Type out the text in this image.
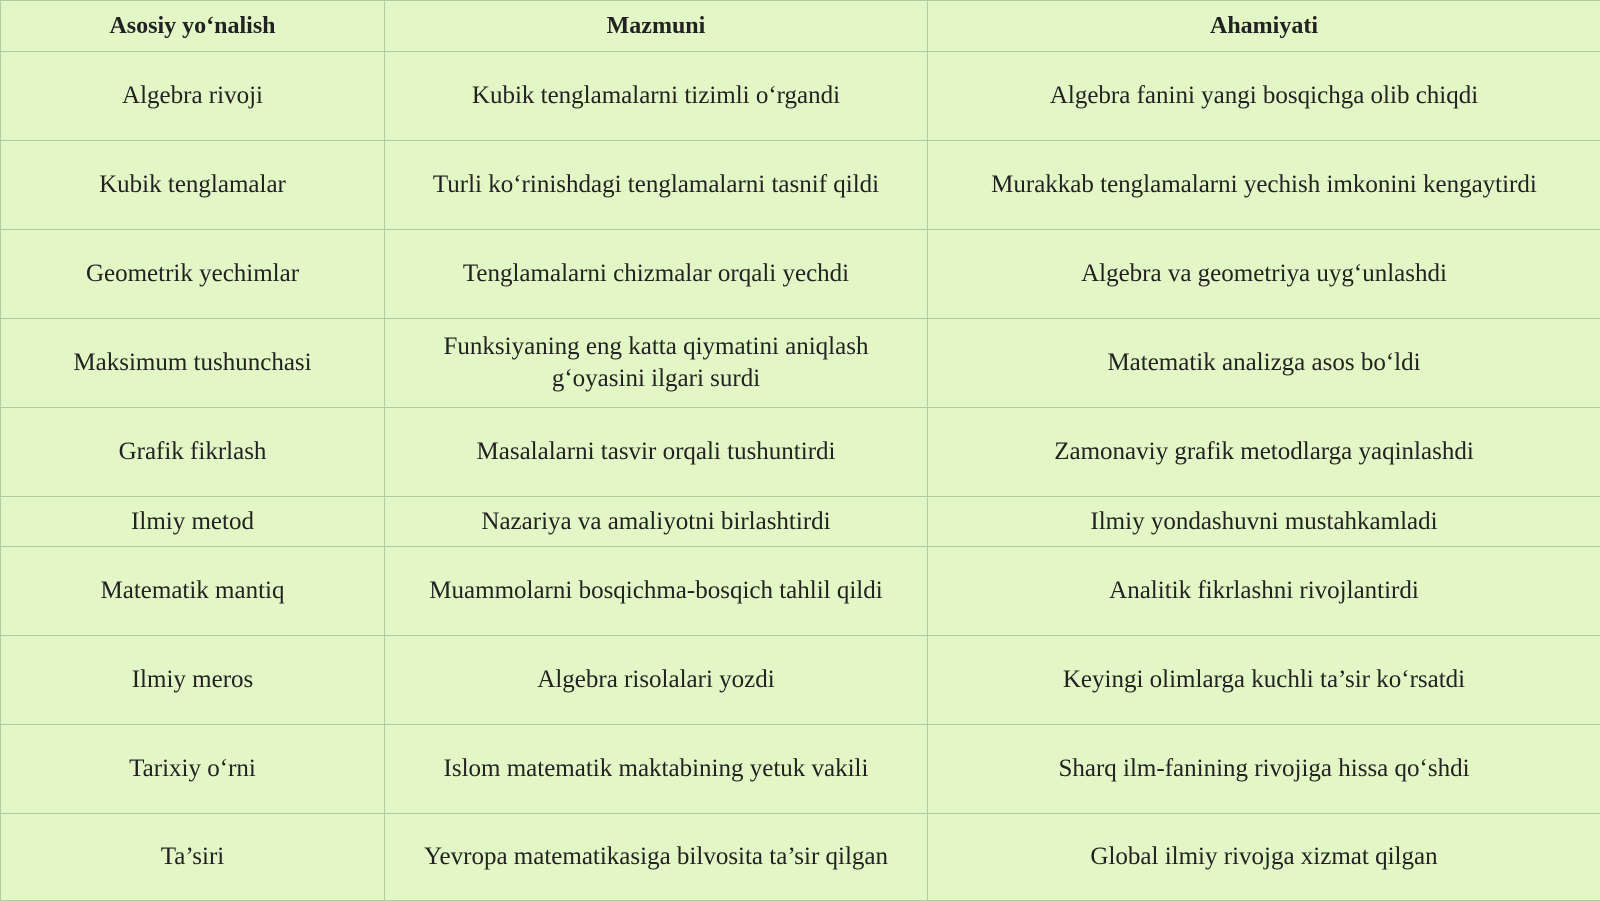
Asosiy yo‘nalish	Mazmuni	Ahamiyati
Algebra rivoji	Kubik tenglamalarni tizimli o‘rgandi	Algebra fanini yangi bosqichga olib chiqdi
Kubik tenglamalar	Turli ko‘rinishdagi tenglamalarni tasnif qildi	Murakkab tenglamalarni yechish imkonini kengaytirdi
Geometrik yechimlar	Tenglamalarni chizmalar orqali yechdi	Algebra va geometriya uyg‘unlashdi
Maksimum tushunchasi	Funksiyaning eng katta qiymatini aniqlash g‘oyasini ilgari surdi	Matematik analizga asos bo‘ldi
Grafik fikrlash	Masalalarni tasvir orqali tushuntirdi	Zamonaviy grafik metodlarga yaqinlashdi
Ilmiy metod	Nazariya va amaliyotni birlashtirdi	Ilmiy yondashuvni mustahkamladi
Matematik mantiq	Muammolarni bosqichma-bosqich tahlil qildi	Analitik fikrlashni rivojlantirdi
Ilmiy meros	Algebra risolalari yozdi	Keyingi olimlarga kuchli ta’sir ko‘rsatdi
Tarixiy o‘rni	Islom matematik maktabining yetuk vakili	Sharq ilm-fanining rivojiga hissa qo‘shdi
Ta’siri	Yevropa matematikasiga bilvosita ta’sir qilgan	Global ilmiy rivojga xizmat qilgan
